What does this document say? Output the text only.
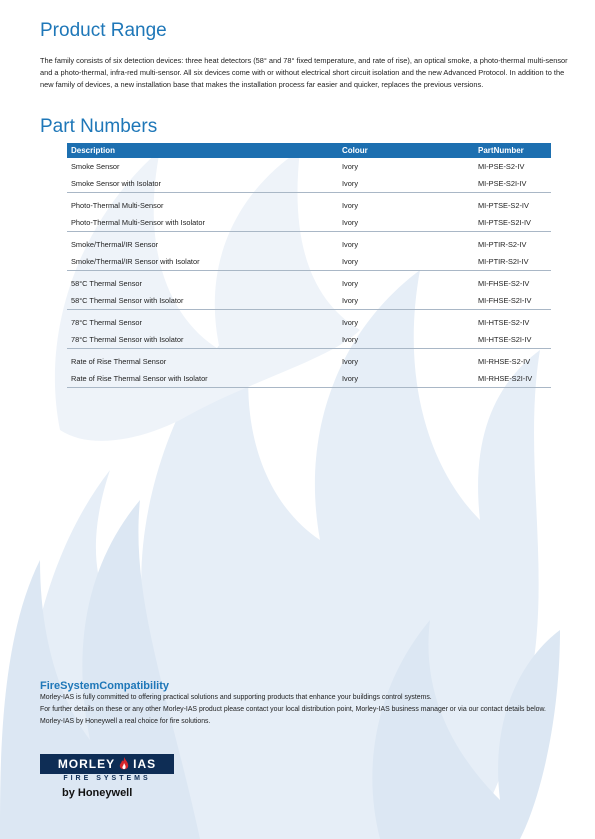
Product Range
The family consists of six detection devices: three heat detectors (58° and 78° fixed temperature, and rate of rise), an optical smoke, a photo-thermal multi-sensor and a photo-thermal, infra-red multi-sensor. All six devices come with or without electrical short circuit isolation and the new Advanced Protocol. In addition to the new family of devices, a new installation base that makes the installation process far easier and quicker, replaces the previous versions.
Part Numbers
Description	Colour	PartNumber
Smoke Sensor	Ivory	MI-PSE-S2-IV
Smoke Sensor with Isolator	Ivory	MI-PSE-S2I-IV

Photo-Thermal Multi-Sensor	Ivory	MI-PTSE-S2-IV
Photo-Thermal Multi-Sensor with Isolator	Ivory	MI-PTSE-S2I-IV

Smoke/Thermal/IR Sensor	Ivory	MI-PTIR-S2-IV
Smoke/Thermal/IR Sensor with Isolator	Ivory	MI-PTIR-S2I-IV

58°C Thermal Sensor	Ivory	MI-FHSE-S2-IV
58°C Thermal Sensor with Isolator	Ivory	MI-FHSE-S2I-IV

78°C Thermal Sensor	Ivory	MI-HTSE-S2-IV
78°C Thermal Sensor with Isolator	Ivory	MI-HTSE-S2I-IV

Rate of Rise Thermal Sensor	Ivory	MI-RHSE-S2-IV
Rate of Rise Thermal Sensor with Isolator	Ivory	MI-RHSE-S2I-IV
FireSystemCompatibility

Morley-IAS is fully committed to offering practical solutions and supporting products that enhance your buildings control systems.

For further details on these or any other Morley-IAS product please contact your local distribution point, Morley-IAS business manager or via our contact details below.

Morley-IAS by Honeywell a real choice for fire solutions.

MORLEY IAS
FIRE SYSTEMS
by Honeywell
